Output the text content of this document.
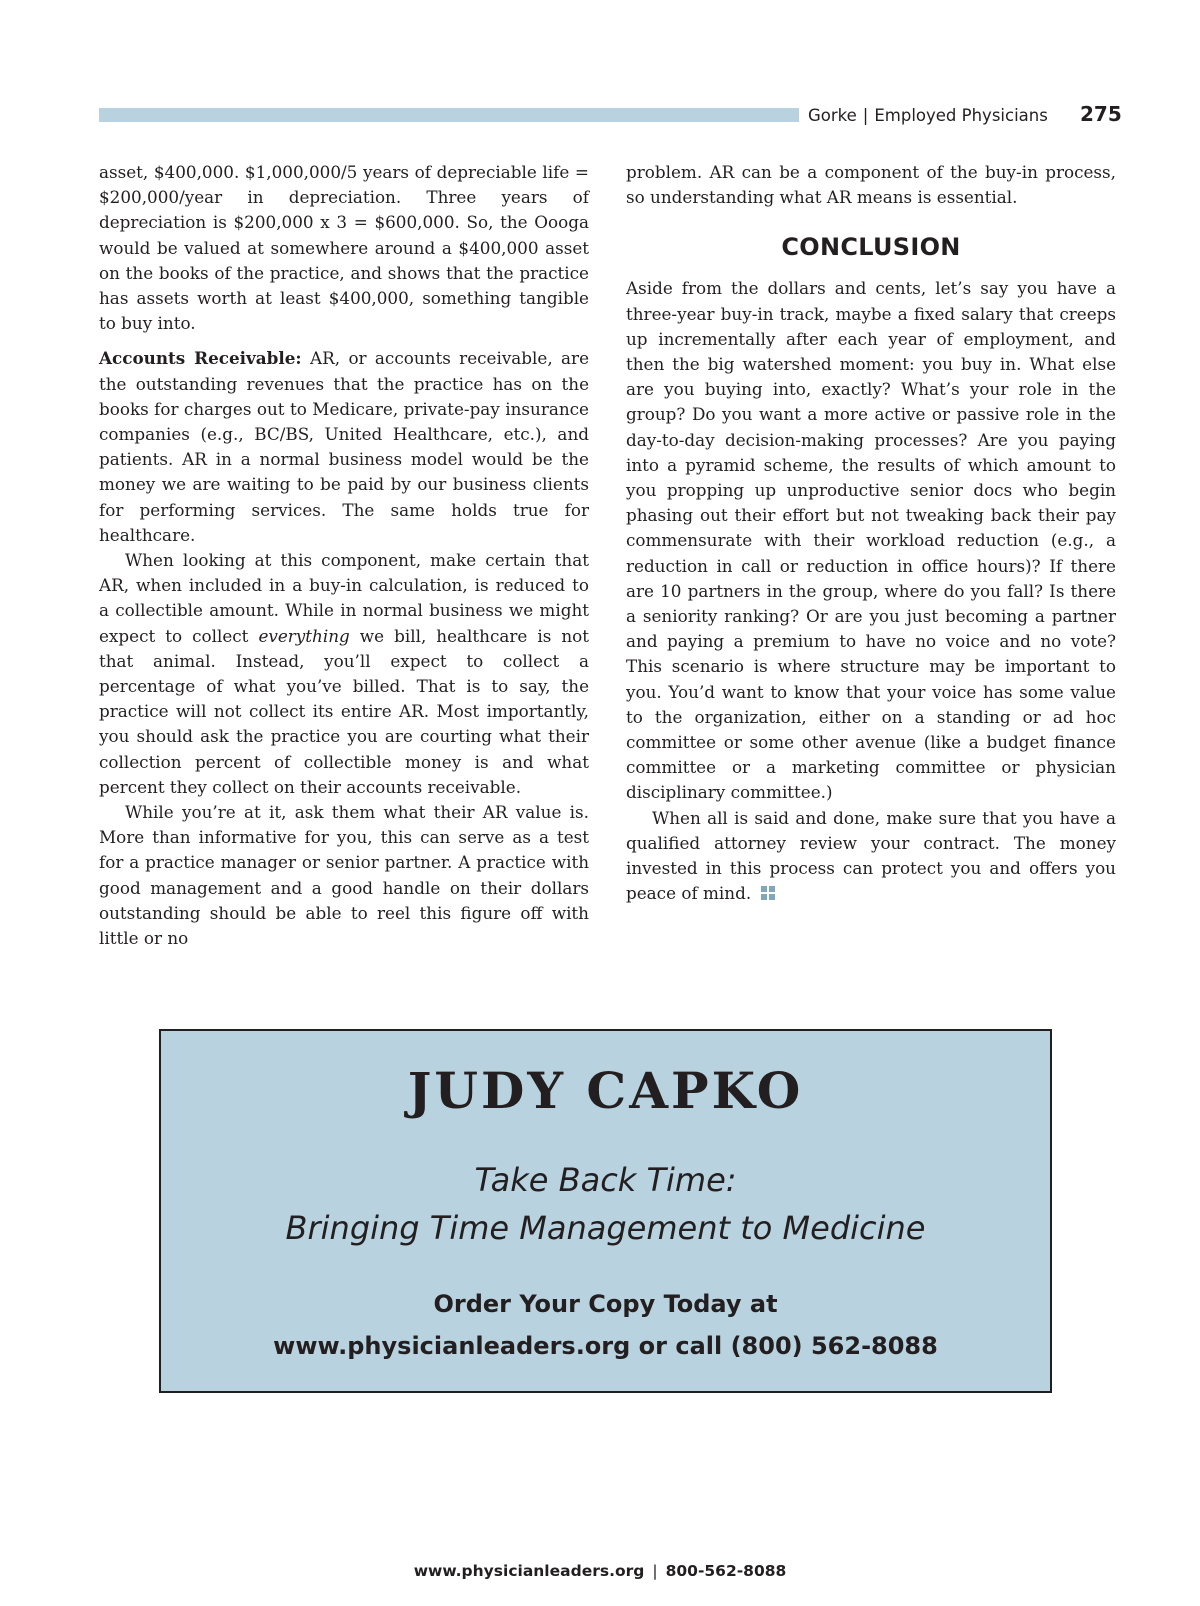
Gorke | Employed Physicians 275

asset, $400,000. $1,000,000/5 years of depreciable life = $200,000/year in depreciation. Three years of depreciation is $200,000 x 3 = $600,000. So, the Oooga would be valued at somewhere around a $400,000 asset on the books of the practice, and shows that the practice has assets worth at least $400,000, something tangible to buy into.

Accounts Receivable: AR, or accounts receivable, are the outstanding revenues that the practice has on the books for charges out to Medicare, private-pay insurance companies (e.g., BC/BS, United Healthcare, etc.), and patients. AR in a normal business model would be the money we are waiting to be paid by our business clients for performing services. The same holds true for healthcare.

When looking at this component, make certain that AR, when included in a buy-in calculation, is reduced to a collectible amount. While in normal business we might expect to collect everything we bill, healthcare is not that animal. Instead, you’ll expect to collect a percentage of what you’ve billed. That is to say, the practice will not collect its entire AR. Most importantly, you should ask the practice you are courting what their collection percent of collectible money is and what percent they collect on their accounts receivable.

While you’re at it, ask them what their AR value is. More than informative for you, this can serve as a test for a practice manager or senior partner. A practice with good management and a good handle on their dollars outstanding should be able to reel this figure off with little or no

problem. AR can be a component of the buy-in process, so understanding what AR means is essential.

CONCLUSION

Aside from the dollars and cents, let’s say you have a three-year buy-in track, maybe a fixed salary that creeps up incrementally after each year of employment, and then the big watershed moment: you buy in. What else are you buying into, exactly? What’s your role in the group? Do you want a more active or passive role in the day-to-day decision-making processes? Are you paying into a pyramid scheme, the results of which amount to you propping up unproductive senior docs who begin phasing out their effort but not tweaking back their pay commensurate with their workload reduction (e.g., a reduction in call or reduction in office hours)? If there are 10 partners in the group, where do you fall? Is there a seniority ranking? Or are you just becoming a partner and paying a premium to have no voice and no vote? This scenario is where structure may be important to you. You’d want to know that your voice has some value to the organization, either on a standing or ad hoc committee or some other avenue (like a budget finance committee or a marketing committee or physician disciplinary committee.)

When all is said and done, make sure that you have a qualified attorney review your contract. The money invested in this process can protect you and offers you peace of mind.

JUDY CAPKO
Take Back Time:
Bringing Time Management to Medicine
Order Your Copy Today at
www.physicianleaders.org or call (800) 562-8088
www.physicianleaders.org | 800-562-8088
